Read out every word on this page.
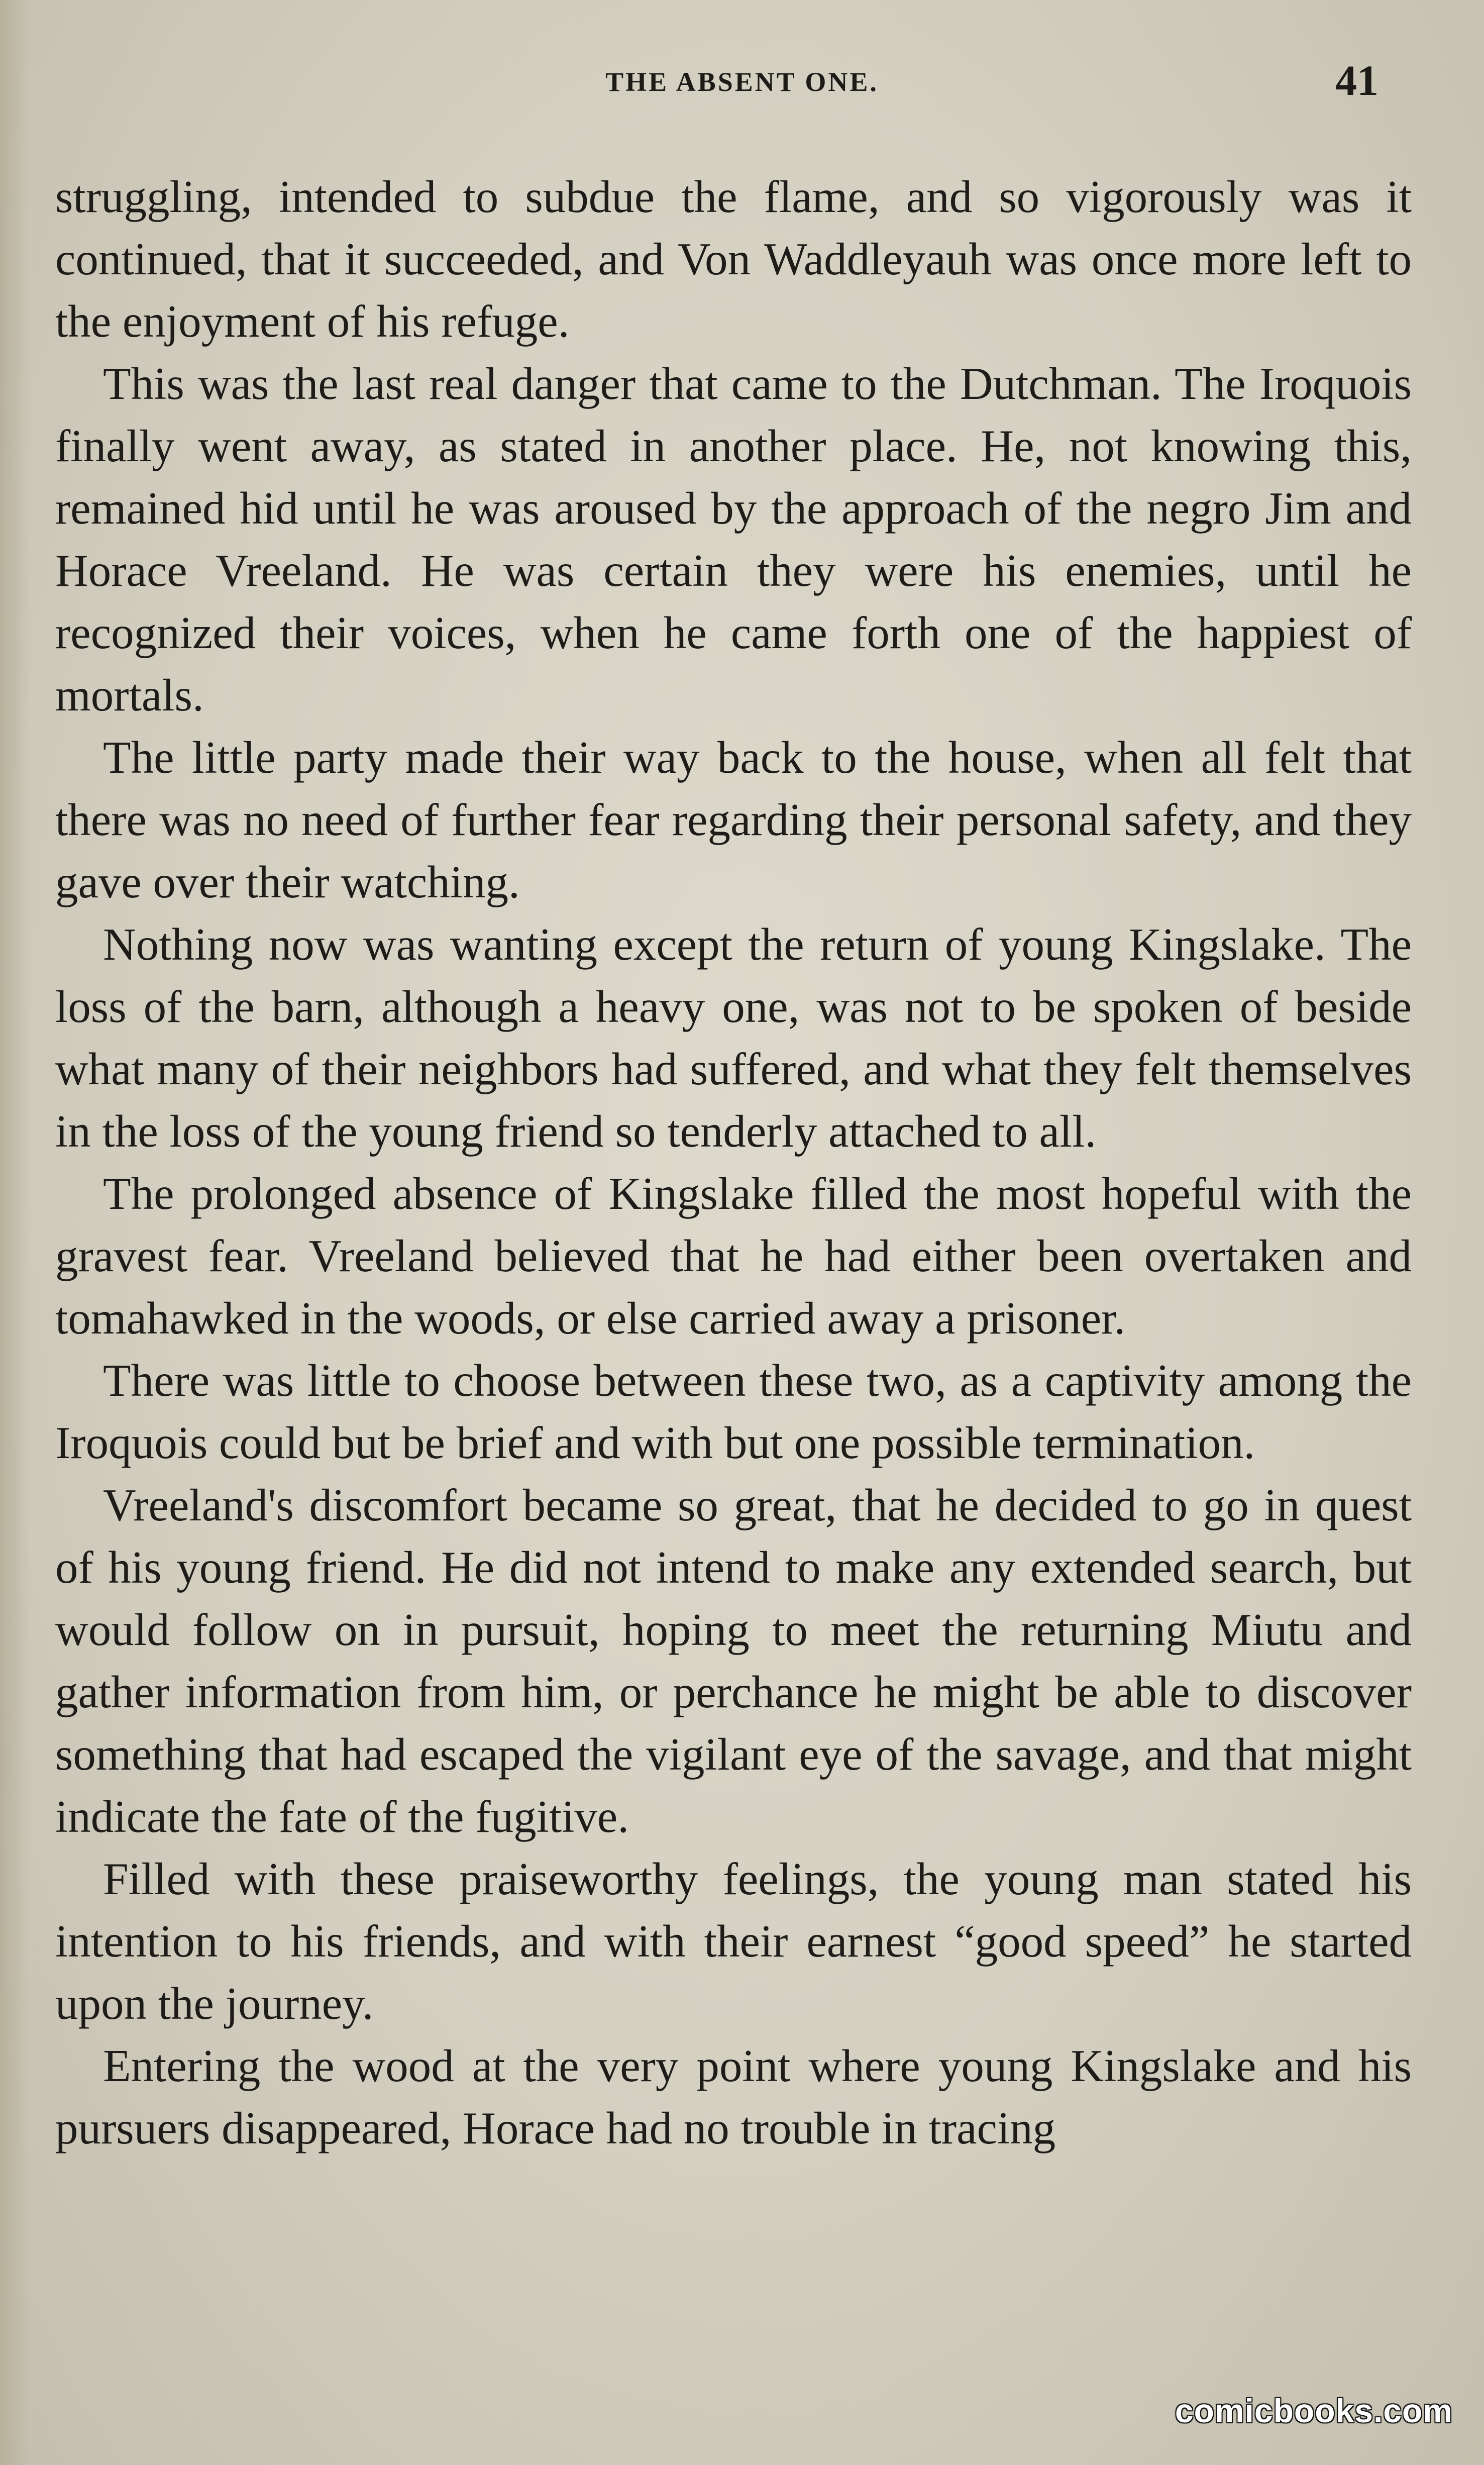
THE ABSENT ONE.	41

struggling, intended to subdue the flame, and so vigorously was it continued, that it succeeded, and Von Waddleyauh was once more left to the enjoyment of his refuge.

This was the last real danger that came to the Dutchman. The Iroquois finally went away, as stated in another place. He, not knowing this, remained hid until he was aroused by the approach of the negro Jim and Horace Vreeland. He was certain they were his enemies, until he recognized their voices, when he came forth one of the happiest of mortals.

The little party made their way back to the house, when all felt that there was no need of further fear regarding their personal safety, and they gave over their watching.

Nothing now was wanting except the return of young Kingslake. The loss of the barn, although a heavy one, was not to be spoken of beside what many of their neighbors had suffered, and what they felt themselves in the loss of the young friend so tenderly attached to all.

The prolonged absence of Kingslake filled the most hopeful with the gravest fear. Vreeland believed that he had either been overtaken and tomahawked in the woods, or else carried away a prisoner.

There was little to choose between these two, as a captivity among the Iroquois could but be brief and with but one possible termination.

Vreeland's discomfort became so great, that he decided to go in quest of his young friend. He did not intend to make any extended search, but would follow on in pursuit, hoping to meet the returning Miutu and gather information from him, or perchance he might be able to discover something that had escaped the vigilant eye of the savage, and that might indicate the fate of the fugitive.

Filled with these praiseworthy feelings, the young man stated his intention to his friends, and with their earnest “good speed” he started upon the journey.

Entering the wood at the very point where young Kingslake and his pursuers disappeared, Horace had no trouble in tracing

comicbooks.com
